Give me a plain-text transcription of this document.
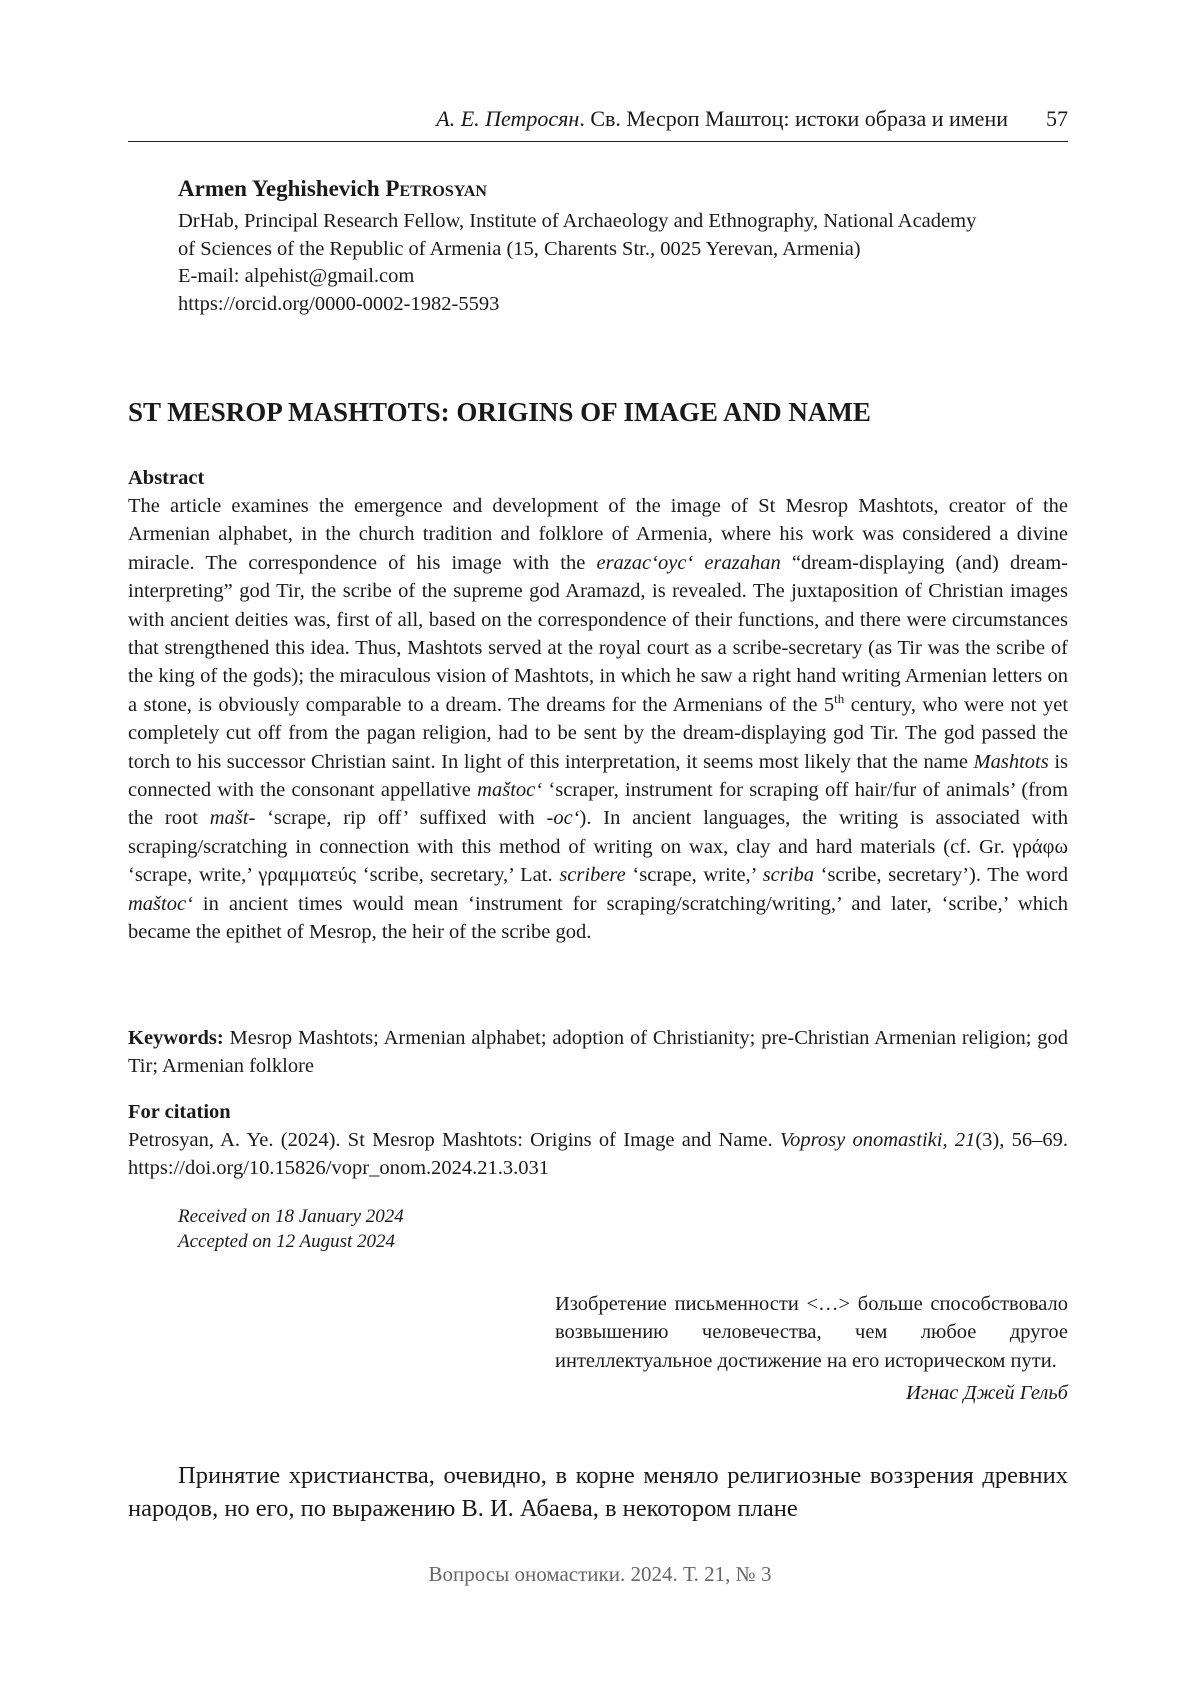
А. Е. Петросян. Св. Месроп Маштоц: истоки образа и имени 57
Armen Yeghishevich Petrosyan
DrHab, Principal Research Fellow, Institute of Archaeology and Ethnography, National Academy
of Sciences of the Republic of Armenia (15, Charents Str., 0025 Yerevan, Armenia)
E-mail: alpehist@gmail.com
https://orcid.org/0000-0002-1982-5593
ST MESROP MASHTOTS: ORIGINS OF IMAGE AND NAME
Abstract

The article examines the emergence and development of the image of St Mesrop Mashtots, creator of the Armenian alphabet, in the church tradition and folklore of Armenia, where his work was considered a divine miracle. The correspondence of his image with the erazac‘oyc‘ erazahan “dream-displaying (and) dream-interpreting” god Tir, the scribe of the supreme god Aramazd, is revealed. The juxtaposition of Christian images with ancient deities was, first of all, based on the correspondence of their functions, and there were circumstances that strengthened this idea. Thus, Mashtots served at the royal court as a scribe-secretary (as Tir was the scribe of the king of the gods); the miraculous vision of Mashtots, in which he saw a right hand writing Armenian letters on a stone, is obviously comparable to a dream. The dreams for the Armenians of the 5th century, who were not yet completely cut off from the pagan religion, had to be sent by the dream-displaying god Tir. The god passed the torch to his successor Christian saint. In light of this interpretation, it seems most likely that the name Mashtots is connected with the consonant appellative maštoc‘ ‘scraper, instrument for scraping off hair/fur of animals’ (from the root mašt- ‘scrape, rip off’ suffixed with -oc‘). In ancient languages, the writing is associated with scraping/scratching in connection with this method of writing on wax, clay and hard materials (cf. Gr. γράφω ‘scrape, write,’ γραμματεύς ‘scribe, secretary,’ Lat. scribere ‘scrape, write,’ scriba ‘scribe, secretary’). The word maštoc‘ in ancient times would mean ‘instrument for scraping/scratching/writing,’ and later, ‘scribe,’ which became the epithet of Mesrop, the heir of the scribe god.

Keywords: Mesrop Mashtots; Armenian alphabet; adoption of Christianity; pre-Christian Armenian religion; god Tir; Armenian folklore
For citation

Petrosyan, A. Ye. (2024). St Mesrop Mashtots: Origins of Image and Name. Voprosy onomastiki, 21(3), 56–69. https://doi.org/10.15826/vopr_onom.2024.21.3.031

Received on 18 January 2024
Accepted on 12 August 2024

Изобретение письменности <…> больше способствовало возвышению человечества, чем любое другое интеллектуальное достижение на его историческом пути.

Игнас Джей Гельб

Принятие христианства, очевидно, в корне меняло религиозные воззрения древних народов, но его, по выражению В. И. Абаева, в некотором плане

Вопросы ономастики. 2024. Т. 21, № 3
